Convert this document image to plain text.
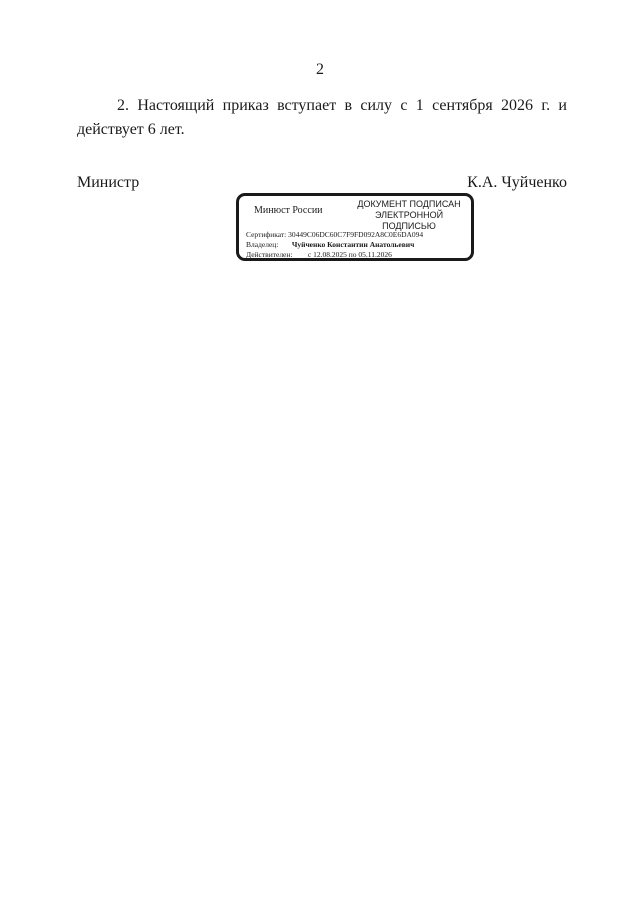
2
2. Настоящий приказ вступает в силу с 1 сентября 2026 г. и действует 6 лет.
Министр	К.А. Чуйченко
Минюст России
ДОКУМЕНТ ПОДПИСАН
ЭЛЕКТРОННОЙ ПОДПИСЬЮ
Сертификат: 30449C06DC60C7F9FD092A8C0E6DA094
Владелец: Чуйченко Константин Анатольевич
Действителен: с 12.08.2025 по 05.11.2026
